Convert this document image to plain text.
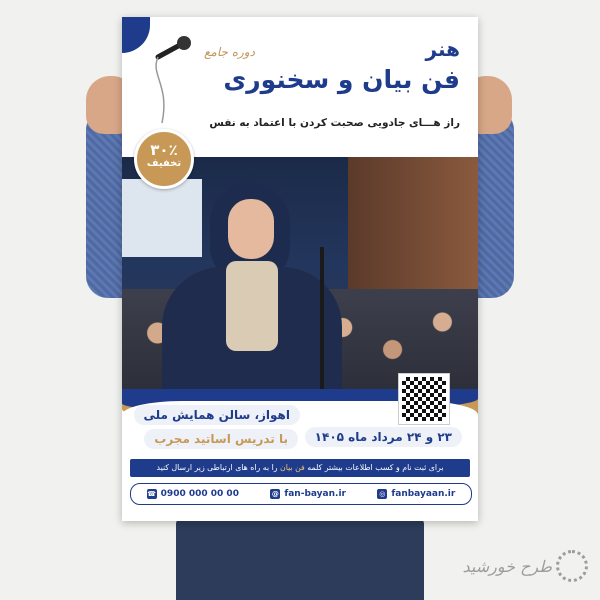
دوره جامع	هنر
فن بیان و سخنوری
راز هـــای جادویی صحبت کردن با اعتماد به نفس
۳۰٪
تخفیف
اهواز، سالن همایش ملی
با تدریس اساتید مجرب	۲۳ و ۲۴ مرداد ماه ۱۴۰۵
برای ثبت نام و کسب اطلاعات بیشتر کلمه فن بیان را به راه های ارتباطی زیر ارسال کنید
☎ 0900 000 00 00	@ fan-bayan.ir	◎ fanbayaan.ir
طرح خورشید
